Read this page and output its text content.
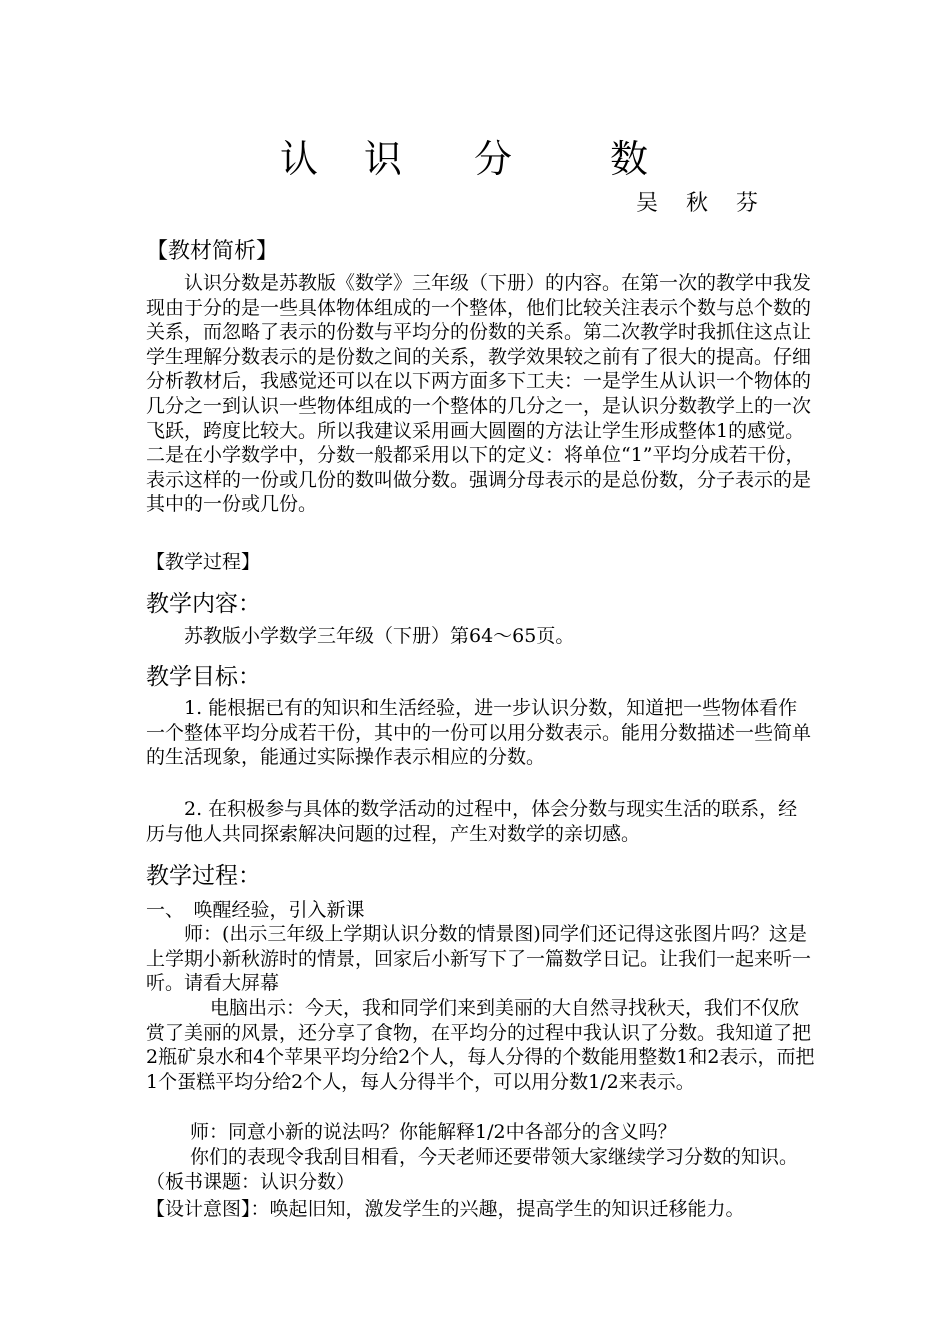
认 识 分	数
吴 秋 芬
【教材简析】

认识分数是苏教版《数学》三年级（下册）的内容。在第一次的教学中我发现由于分的是一些具体物体组成的一个整体，他们比较关注表示个数与总个数的关系，而忽略了表示的份数与平均分的份数的关系。第二次教学时我抓住这点让学生理解分数表示的是份数之间的关系，教学效果较之前有了很大的提高。仔细分析教材后，我感觉还可以在以下两方面多下工夫：一是学生从认识一个物体的几分之一到认识一些物体组成的一个整体的几分之一，是认识分数教学上的一次飞跃，跨度比较大。所以我建议采用画大圆圈的方法让学生形成整体1的感觉。二是在小学数学中，分数一般都采用以下的定义：将单位“1”平均分成若干份，表示这样的一份或几份的数叫做分数。强调分母表示的是总份数，分子表示的是其中的一份或几份。

【教学过程】
教学内容：

苏教版小学数学三年级（下册）第64～65页。

教学目标：

1. 能根据已有的知识和生活经验，进一步认识分数，知道把一些物体看作一个整体平均分成若干份，其中的一份可以用分数表示。能用分数描述一些简单的生活现象，能通过实际操作表示相应的分数。

2. 在积极参与具体的数学活动的过程中，体会分数与现实生活的联系，经历与他人共同探索解决问题的过程，产生对数学的亲切感。

教学过程：

一、　唤醒经验，引入新课

师：(出示三年级上学期认识分数的情景图)同学们还记得这张图片吗？这是上学期小新秋游时的情景，回家后小新写下了一篇数学日记。让我们一起来听一听。请看大屏幕

电脑出示：今天，我和同学们来到美丽的大自然寻找秋天，我们不仅欣赏了美丽的风景，还分享了食物，在平均分的过程中我认识了分数。我知道了把2瓶矿泉水和4个苹果平均分给2个人，每人分得的个数能用整数1和2表示，而把1个蛋糕平均分给2个人，每人分得半个，可以用分数1/2来表示。

师：同意小新的说法吗？你能解释1/2中各部分的含义吗？

你们的表现令我刮目相看，今天老师还要带领大家继续学习分数的知识。（板书课题：认识分数）

【设计意图】：唤起旧知，激发学生的兴趣，提高学生的知识迁移能力。
